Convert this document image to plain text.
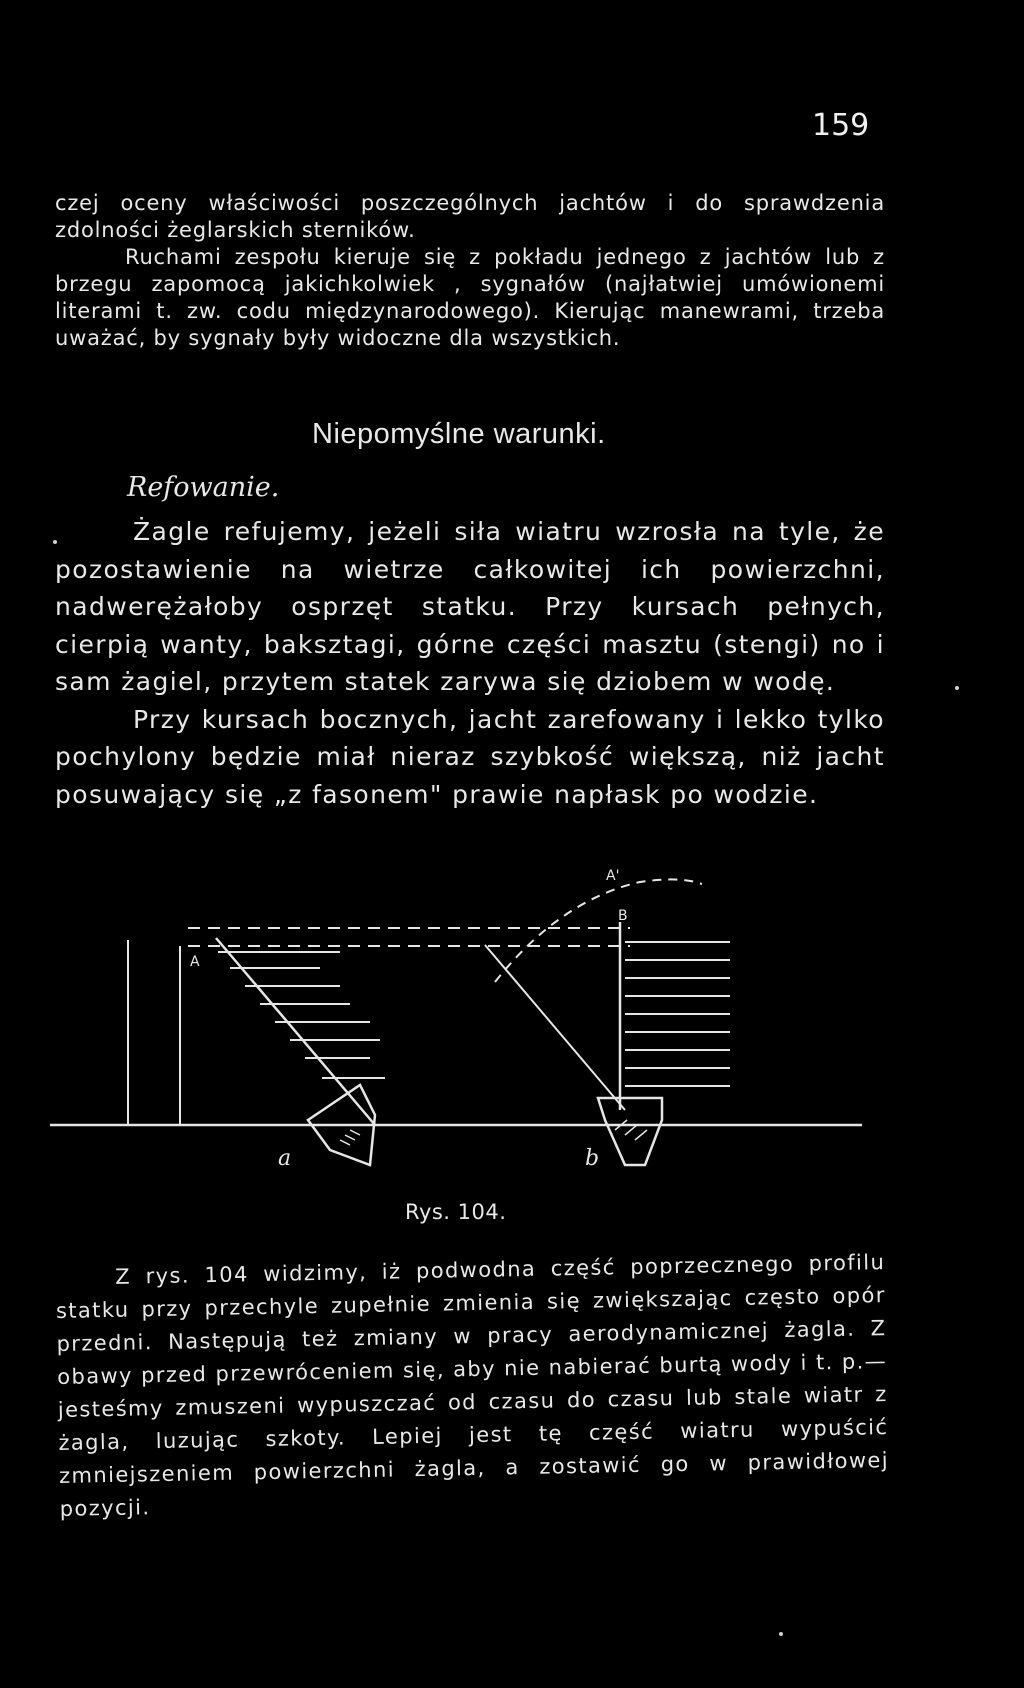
159

czej oceny właściwości poszczególnych jachtów i do sprawdzenia zdolności żeglarskich sterników.
Ruchami zespołu kieruje się z pokładu jednego z jachtów lub z brzegu zapomocą jakichkolwiek , sygnałów (najłatwiej umówionemi literami t. zw. codu międzynarodowego). Kierując manewrami, trzeba uważać, by sygnały były widoczne dla wszystkich.

Niepomyślne warunki.
Refowanie.

Żagle refujemy, jeżeli siła wiatru wzrosła na tyle, że pozostawienie na wietrze całkowitej ich powierzchni, nadwerężałoby osprzęt statku. Przy kursach pełnych, cierpią wanty, baksztagi, górne części masztu (stengi) no i sam żagiel, przytem statek zarywa się dziobem w wodę.
Przy kursach bocznych, jacht zarefowany i lekko tylko pochylony będzie miał nieraz szybkość większą, niż jacht posuwający się „z fasonem" prawie napłask po wodzie.

a	b
A
A'
B
Rys. 104.

Z rys. 104 widzimy, iż podwodna część poprzecznego profilu statku przy przechyle zupełnie zmienia się zwiększając często opór przedni. Następują też zmiany w pracy aerodynamicznej żagla. Z obawy przed przewróceniem się, aby nie nabierać burtą wody i t. p.— jesteśmy zmuszeni wypuszczać od czasu do czasu lub stale wiatr z żagla, luzując szkoty. Lepiej jest tę część wiatru wypuścić zmniejszeniem powierzchni żagla, a zostawić go w prawidłowej pozycji.
